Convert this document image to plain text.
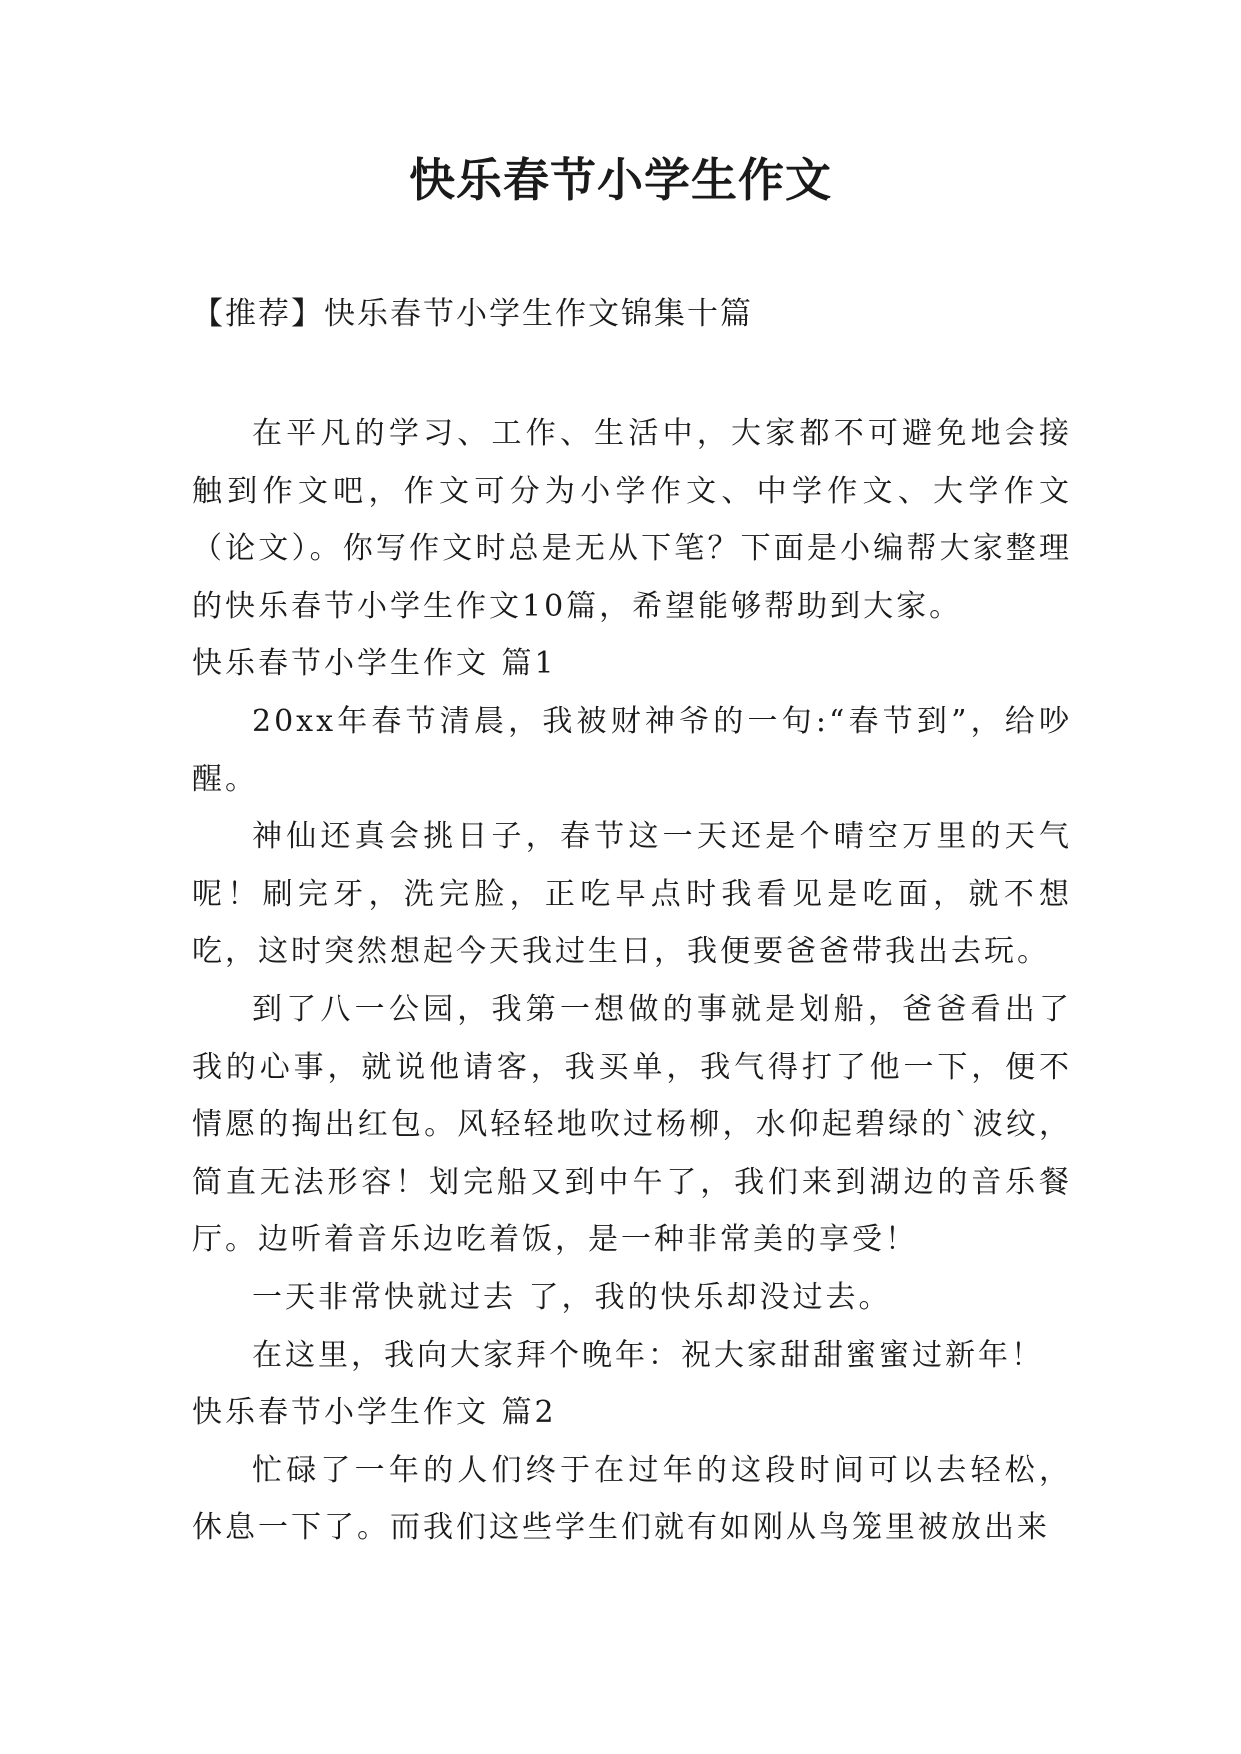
快乐春节小学生作文
【推荐】快乐春节小学生作文锦集十篇

在平凡的学习、工作、生活中，大家都不可避免地会接触到作文吧，作文可分为小学作文、中学作文、大学作文（论文）。你写作文时总是无从下笔？下面是小编帮大家整理的快乐春节小学生作文10篇，希望能够帮助到大家。

快乐春节小学生作文 篇1

20xx年春节清晨，我被财神爷的一句:“春节到”，给吵醒。

神仙还真会挑日子，春节这一天还是个晴空万里的天气呢！刷完牙，洗完脸，正吃早点时我看见是吃面，就不想吃，这时突然想起今天我过生日，我便要爸爸带我出去玩。

到了八一公园，我第一想做的事就是划船，爸爸看出了我的心事，就说他请客，我买单，我气得打了他一下，便不情愿的掏出红包。风轻轻地吹过杨柳，水仰起碧绿的`波纹，简直无法形容！划完船又到中午了，我们来到湖边的音乐餐厅。边听着音乐边吃着饭，是一种非常美的享受！

一天非常快就过去 了，我的快乐却没过去。

在这里，我向大家拜个晚年：祝大家甜甜蜜蜜过新年！

快乐春节小学生作文 篇2

忙碌了一年的人们终于在过年的这段时间可以去轻松，休息一下了。而我们这些学生们就有如刚从鸟笼里被放出来
